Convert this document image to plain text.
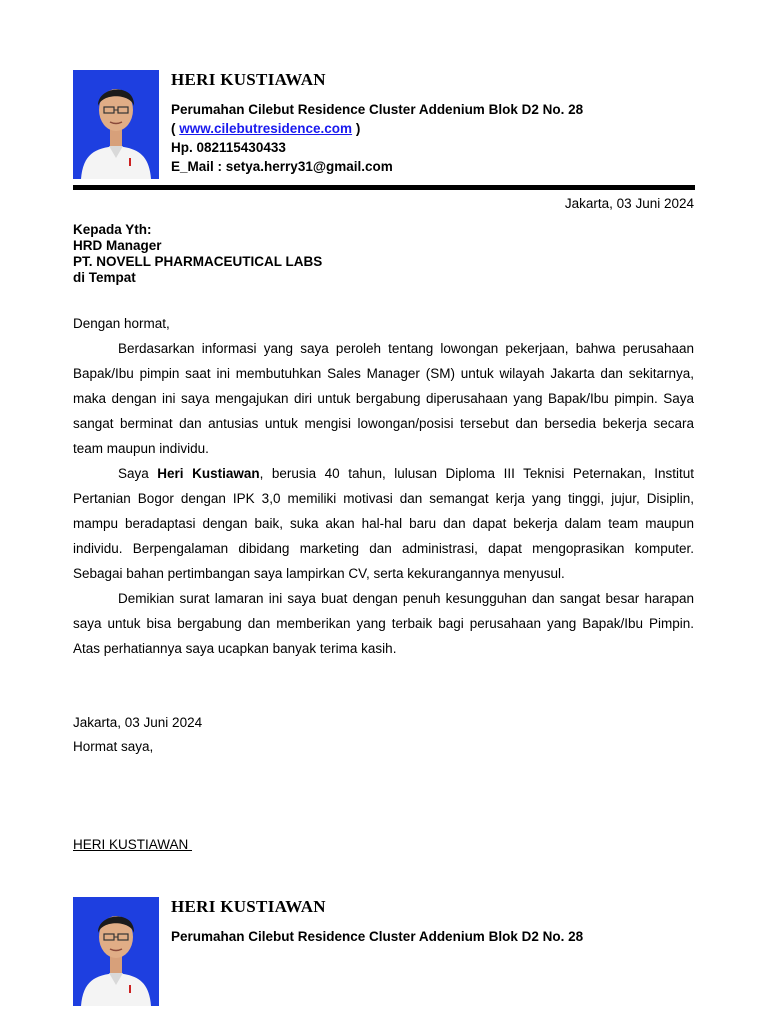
HERI KUSTIAWAN
Perumahan Cilebut Residence Cluster Addenium Blok D2 No. 28
( www.cilebutresidence.com )
Hp. 082115430433
E_Mail : setya.herry31@gmail.com
Jakarta, 03 Juni 2024
Kepada Yth:
HRD Manager
PT. NOVELL PHARMACEUTICAL LABS
di Tempat

Dengan hormat,

Berdasarkan informasi yang saya peroleh tentang lowongan pekerjaan, bahwa perusahaan Bapak/Ibu pimpin saat ini membutuhkan Sales Manager (SM) untuk wilayah Jakarta dan sekitarnya, maka dengan ini saya mengajukan diri untuk bergabung diperusahaan yang Bapak/Ibu pimpin. Saya sangat berminat dan antusias untuk mengisi lowongan/posisi tersebut dan bersedia bekerja secara team maupun individu.

Saya Heri Kustiawan, berusia 40 tahun, lulusan Diploma III Teknisi Peternakan, Institut Pertanian Bogor dengan IPK 3,0 memiliki motivasi dan semangat kerja yang tinggi, jujur, Disiplin, mampu beradaptasi dengan baik, suka akan hal-hal baru dan dapat bekerja dalam team maupun individu. Berpengalaman dibidang marketing dan administrasi, dapat mengoprasikan komputer. Sebagai bahan pertimbangan saya lampirkan CV, serta kekurangannya menyusul.

Demikian surat lamaran ini saya buat dengan penuh kesungguhan dan sangat besar harapan saya untuk bisa bergabung dan memberikan yang terbaik bagi perusahaan yang Bapak/Ibu Pimpin. Atas perhatiannya saya ucapkan banyak terima kasih.

Jakarta, 03 Juni 2024
Hormat saya,
HERI KUSTIAWAN
HERI KUSTIAWAN
Perumahan Cilebut Residence Cluster Addenium Blok D2 No. 28
